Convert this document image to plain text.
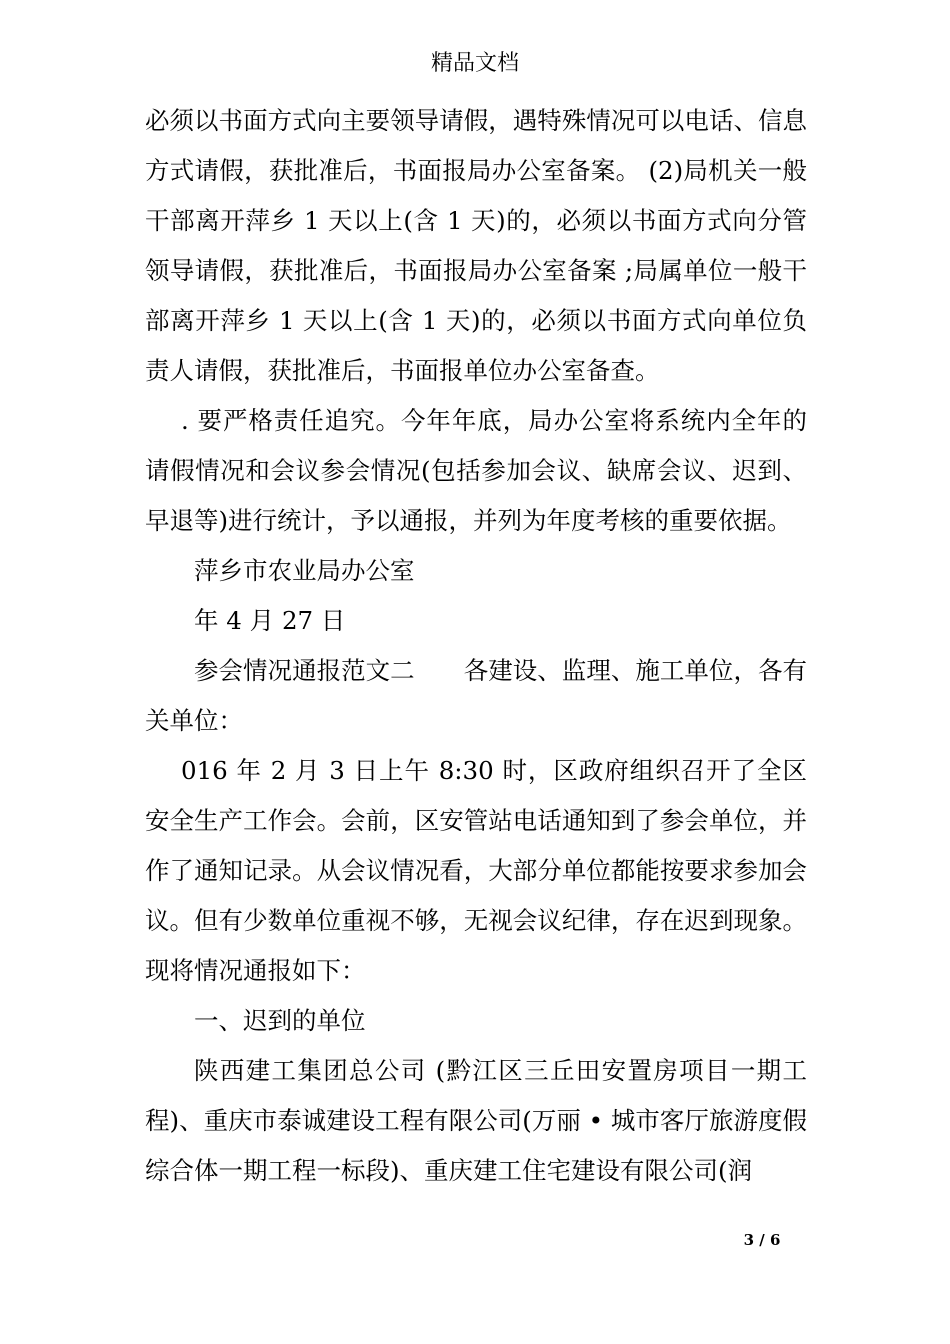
精品文档

必须以书面方式向主要领导请假，遇特殊情况可以电话、信息方式请假，获批准后，书面报局办公室备案。 (2)局机关一般干部离开萍乡 1 天以上(含 1 天)的，必须以书面方式向分管领导请假，获批准后，书面报局办公室备案 ;局属单位一般干部离开萍乡 1 天以上(含 1 天)的，必须以书面方式向单位负责人请假，获批准后，书面报单位办公室备查。

. 要严格责任追究。今年年底，局办公室将系统内全年的请假情况和会议参会情况(包括参加会议、缺席会议、迟到、早退等)进行统计，予以通报，并列为年度考核的重要依据。

萍乡市农业局办公室

年 4 月 27 日

参会情况通报范文二　　各建设、监理、施工单位，各有关单位：

016 年 2 月 3 日上午 8:30 时，区政府组织召开了全区安全生产工作会。会前，区安管站电话通知到了参会单位，并作了通知记录。从会议情况看，大部分单位都能按要求参加会议。但有少数单位重视不够，无视会议纪律，存在迟到现象。现将情况通报如下：

一、迟到的单位

陕西建工集团总公司 (黔江区三丘田安置房项目一期工程)、重庆市泰诚建设工程有限公司(万丽 • 城市客厅旅游度假综合体一期工程一标段)、重庆建工住宅建设有限公司(润

3 / 6
